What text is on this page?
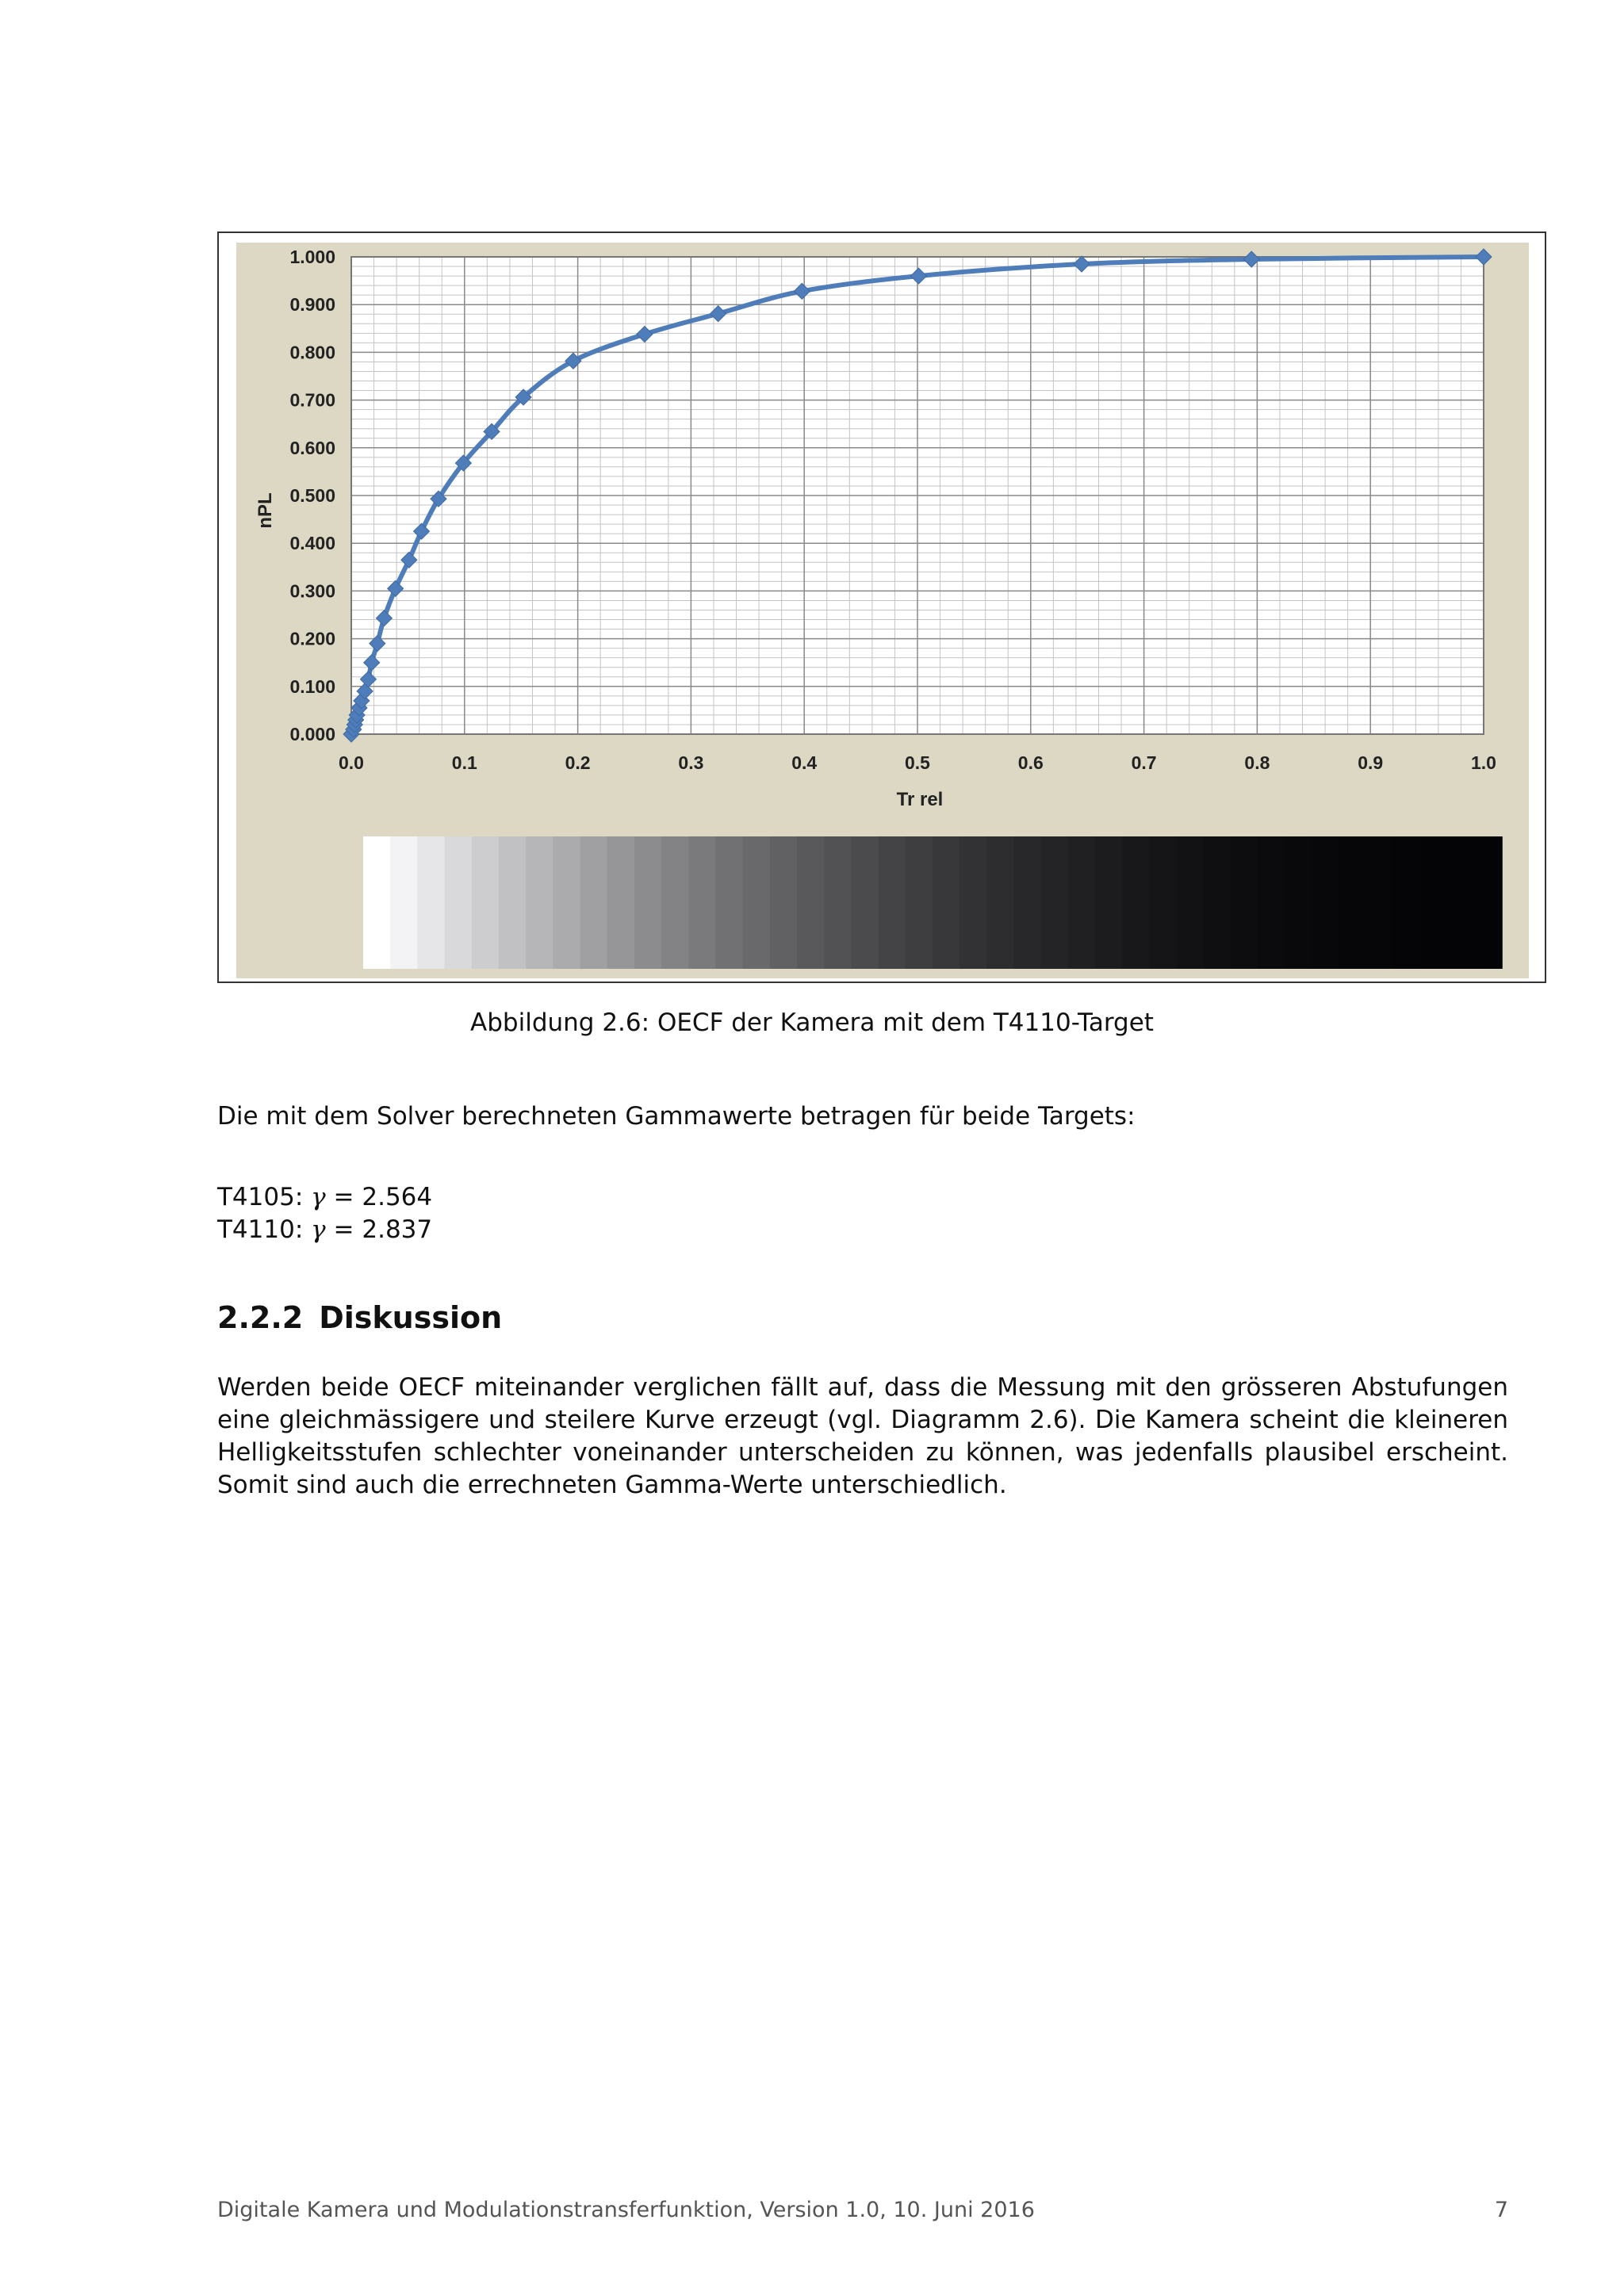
0.000
0.100
0.200
0.300
0.400
0.500
0.600
0.700
0.800
0.900
1.000
0.0	0.1	0.2	0.3	0.4	0.5	0.6	0.7	0.8	0.9	1.0
nPL
Tr rel
Abbildung 2.6: OECF der Kamera mit dem T4110-Target
Die mit dem Solver berechneten Gammawerte betragen für beide Targets:
T4105: γ = 2.564
T4110: γ = 2.837
2.2.2 Diskussion
Werden beide OECF miteinander verglichen fällt auf, dass die Messung mit den grösseren Abstufungen eine gleichmässigere und steilere Kurve erzeugt (vgl. Diagramm 2.6). Die Kamera scheint die kleineren Helligkeitsstufen schlechter voneinander unterscheiden zu können, was jedenfalls plausibel erscheint. Somit sind auch die errechneten Gamma-Werte unterschiedlich.
Digitale Kamera und Modulationstransferfunktion, Version 1.0, 10. Juni 2016	7
